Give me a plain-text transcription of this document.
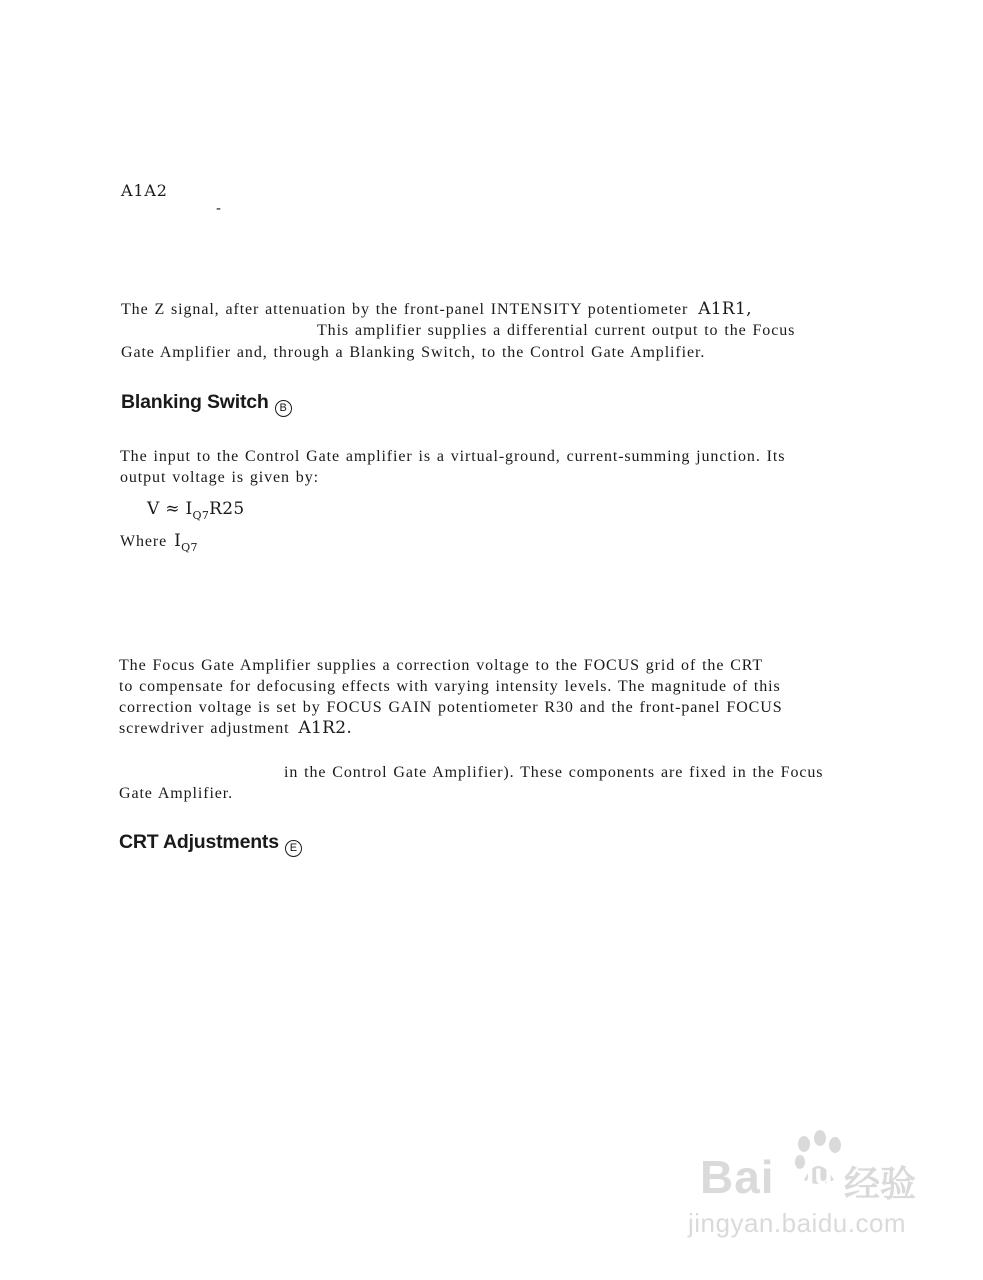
A1A2
-
The Z signal, after attenuation by the front-panel INTENSITY potentiometer A1R1,
This amplifier supplies a differential current output to the Focus
Gate Amplifier and, through a Blanking Switch, to the Control Gate Amplifier.
Blanking Switch B
The input to the Control Gate amplifier is a virtual-ground, current-summing junction. Its
output voltage is given by:
$V \approx I_{Q7}R25$
Where $I_{Q7}$
The Focus Gate Amplifier supplies a correction voltage to the FOCUS grid of the CRT
to compensate for defocusing effects with varying intensity levels. The magnitude of this
correction voltage is set by FOCUS GAIN potentiometer R30 and the front-panel FOCUS
screwdriver adjustment A1R2.
in the Control Gate Amplifier). These components are fixed in the Focus
Gate Amplifier.
CRT Adjustments E
Bai du 经验
jingyan.baidu.com
